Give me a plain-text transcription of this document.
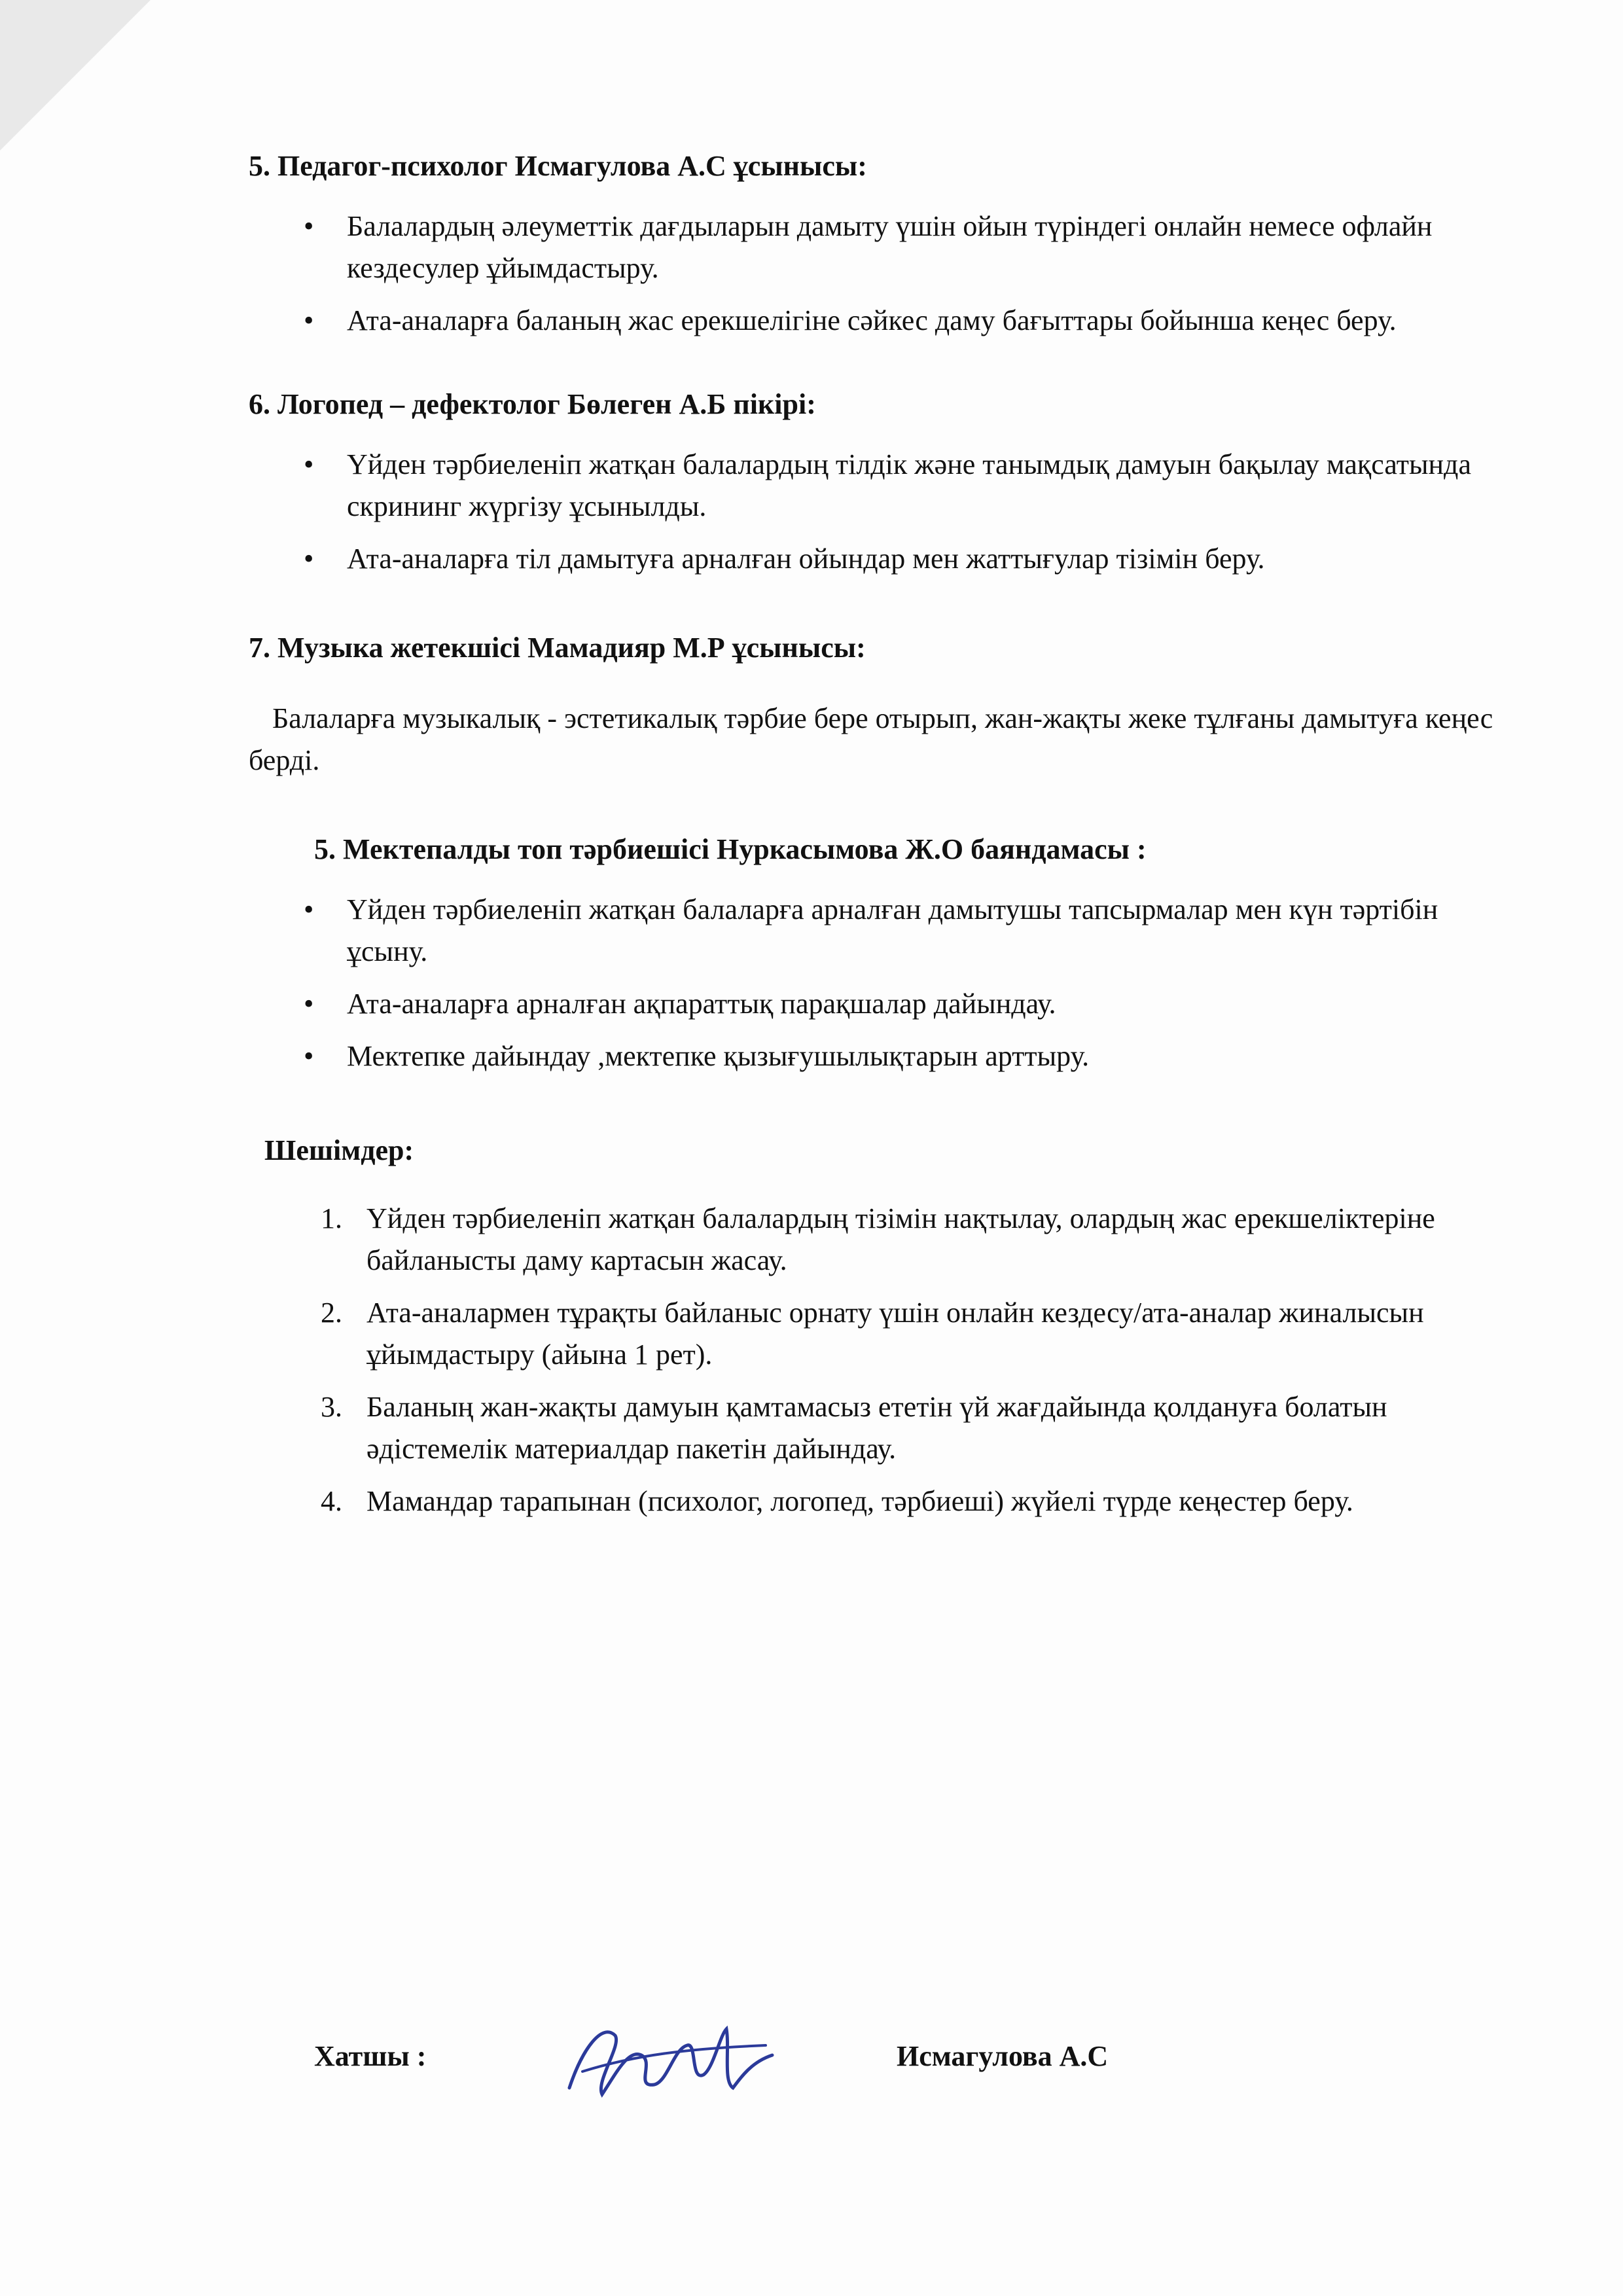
5. Педагог-психолог Исмагулова А.С ұсынысы:

• Балалардың әлеуметтік дағдыларын дамыту үшін ойын түріндегі онлайн немесе офлайн кездесулер ұйымдастыру.
• Ата-аналарға баланың жас ерекшелігіне сәйкес даму бағыттары бойынша кеңес беру.

6. Логопед – дефектолог Бөлеген А.Б пікірі:

• Үйден тәрбиеленіп жатқан балалардың тілдік және танымдық дамуын бақылау мақсатында скрининг жүргізу ұсынылды.
• Ата-аналарға тіл дамытуға арналған ойындар мен жаттығулар тізімін беру.

7. Музыка жетекшісі Мамадияр М.Р ұсынысы:

Балаларға музыкалық - эстетикалық тәрбие бере отырып, жан-жақты жеке тұлғаны дамытуға кеңес берді.

5. Мектепалды топ тәрбиешісі Нуркасымова Ж.О баяндамасы :

• Үйден тәрбиеленіп жатқан балаларға арналған дамытушы тапсырмалар мен күн тәртібін ұсыну.
• Ата-аналарға арналған ақпараттық парақшалар дайындау.
• Мектепке дайындау ,мектепке қызығушылықтарын арттыру.

Шешімдер:

1. Үйден тәрбиеленіп жатқан балалардың тізімін нақтылау, олардың жас ерекшеліктеріне байланысты даму картасын жасау.
2. Ата-аналармен тұрақты байланыс орнату үшін онлайн кездесу/ата-аналар жиналысын ұйымдастыру (айына 1 рет).
3. Баланың жан-жақты дамуын қамтамасыз ететін үй жағдайында қолдануға болатын әдістемелік материалдар пакетін дайындау.
4. Мамандар тарапынан (психолог, логопед, тәрбиеші) жүйелі түрде кеңестер беру.
Хатшы :	Исмагулова А.С
